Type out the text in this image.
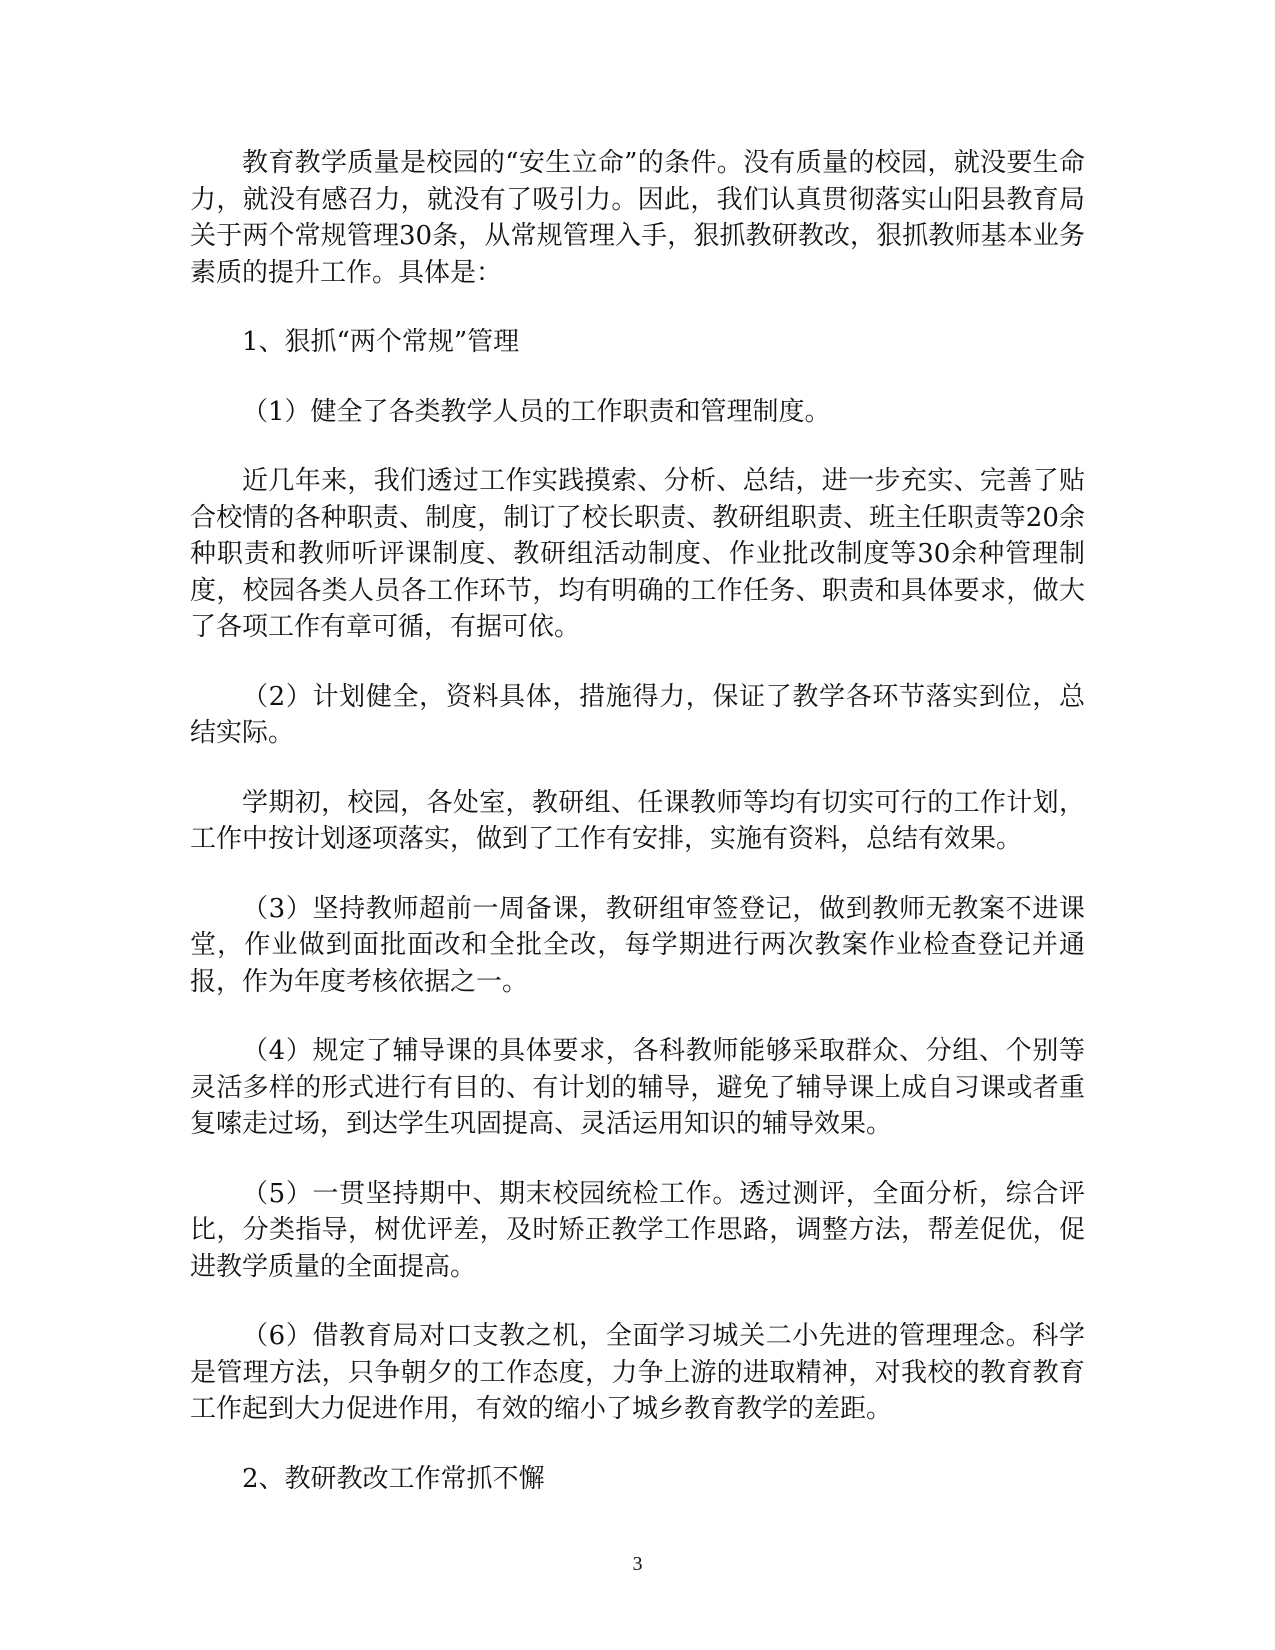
教育教学质量是校园的“安生立命”的条件。没有质量的校园，就没要生命力，就没有感召力，就没有了吸引力。因此，我们认真贯彻落实山阳县教育局关于两个常规管理30条，从常规管理入手，狠抓教研教改，狠抓教师基本业务素质的提升工作。具体是：

1、狠抓“两个常规”管理

（1）健全了各类教学人员的工作职责和管理制度。

近几年来，我们透过工作实践摸索、分析、总结，进一步充实、完善了贴合校情的各种职责、制度，制订了校长职责、教研组职责、班主任职责等20余种职责和教师听评课制度、教研组活动制度、作业批改制度等30余种管理制度，校园各类人员各工作环节，均有明确的工作任务、职责和具体要求，做大了各项工作有章可循，有据可依。

（2）计划健全，资料具体，措施得力，保证了教学各环节落实到位，总结实际。

学期初，校园，各处室，教研组、任课教师等均有切实可行的工作计划，工作中按计划逐项落实，做到了工作有安排，实施有资料，总结有效果。

（3）坚持教师超前一周备课，教研组审签登记，做到教师无教案不进课堂，作业做到面批面改和全批全改，每学期进行两次教案作业检查登记并通报，作为年度考核依据之一。

（4）规定了辅导课的具体要求，各科教师能够采取群众、分组、个别等灵活多样的形式进行有目的、有计划的辅导，避免了辅导课上成自习课或者重复嗦走过场，到达学生巩固提高、灵活运用知识的辅导效果。

（5）一贯坚持期中、期末校园统检工作。透过测评，全面分析，综合评比，分类指导，树优评差，及时矫正教学工作思路，调整方法，帮差促优，促进教学质量的全面提高。

（6）借教育局对口支教之机，全面学习城关二小先进的管理理念。科学是管理方法，只争朝夕的工作态度，力争上游的进取精神，对我校的教育教育工作起到大力促进作用，有效的缩小了城乡教育教学的差距。

2、教研教改工作常抓不懈

3
